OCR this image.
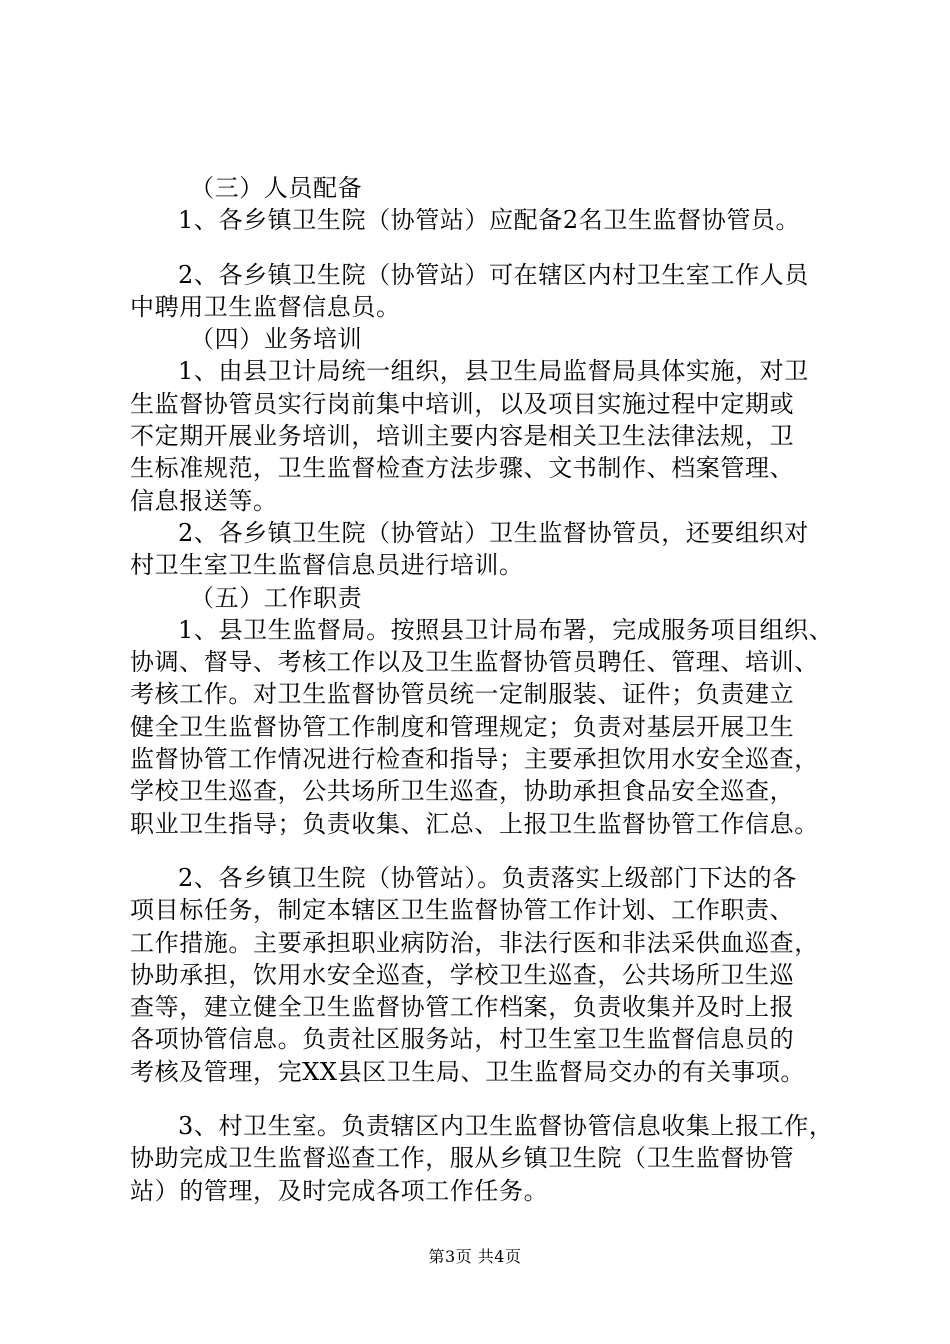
（三）人员配备
1、各乡镇卫生院（协管站）应配备2名卫生监督协管员。
2、各乡镇卫生院（协管站）可在辖区内村卫生室工作人员
中聘用卫生监督信息员。
（四）业务培训
1、由县卫计局统一组织，县卫生局监督局具体实施，对卫
生监督协管员实行岗前集中培训，以及项目实施过程中定期或
不定期开展业务培训，培训主要内容是相关卫生法律法规，卫
生标准规范，卫生监督检查方法步骤、文书制作、档案管理、
信息报送等。
2、各乡镇卫生院（协管站）卫生监督协管员，还要组织对
村卫生室卫生监督信息员进行培训。
（五）工作职责
1、县卫生监督局。按照县卫计局布署，完成服务项目组织、
协调、督导、考核工作以及卫生监督协管员聘任、管理、培训、
考核工作。对卫生监督协管员统一定制服装、证件；负责建立
健全卫生监督协管工作制度和管理规定；负责对基层开展卫生
监督协管工作情况进行检查和指导；主要承担饮用水安全巡查，
学校卫生巡查，公共场所卫生巡查，协助承担食品安全巡查，
职业卫生指导；负责收集、汇总、上报卫生监督协管工作信息。
2、各乡镇卫生院（协管站）。负责落实上级部门下达的各
项目标任务，制定本辖区卫生监督协管工作计划、工作职责、
工作措施。主要承担职业病防治，非法行医和非法采供血巡查，
协助承担，饮用水安全巡查，学校卫生巡查，公共场所卫生巡
查等，建立健全卫生监督协管工作档案，负责收集并及时上报
各项协管信息。负责社区服务站，村卫生室卫生监督信息员的
考核及管理，完XX县区卫生局、卫生监督局交办的有关事项。
3、村卫生室。负责辖区内卫生监督协管信息收集上报工作，
协助完成卫生监督巡查工作，服从乡镇卫生院（卫生监督协管
站）的管理，及时完成各项工作任务。
第3页 共4页
